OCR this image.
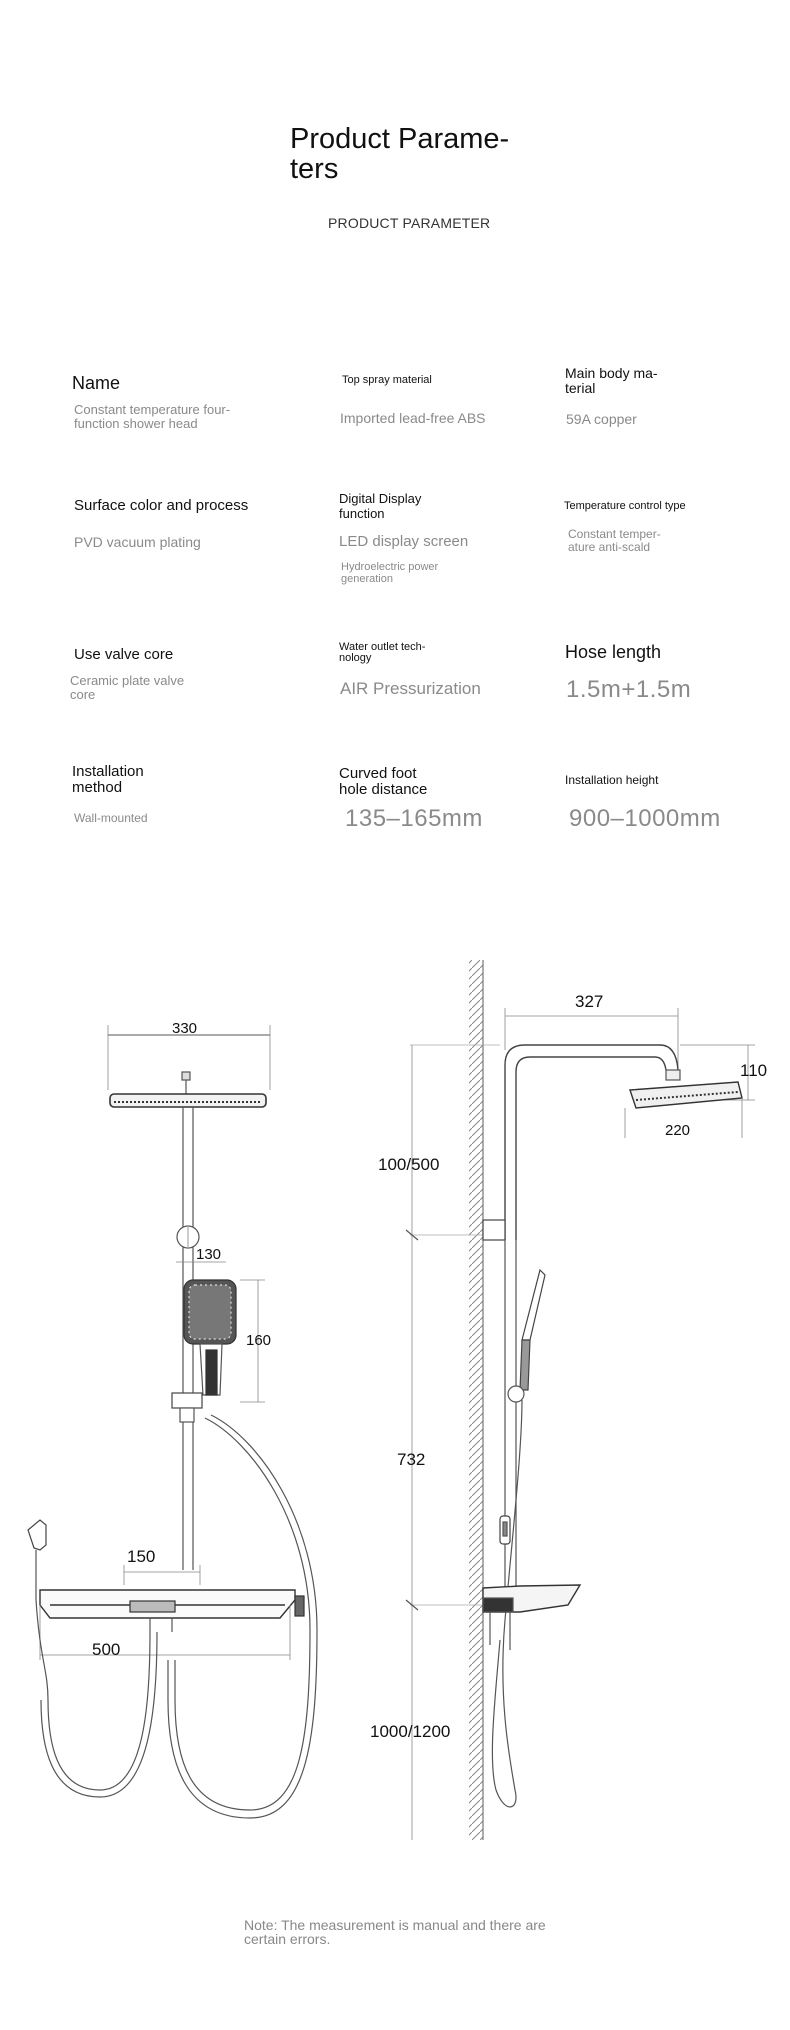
Product Parame-
ters
PRODUCT PARAMETER
Name
Constant temperature four-
function shower head
Top spray material
Imported lead-free ABS
Main body ma-
terial
59A copper
Surface color and process
PVD vacuum plating
Digital Display
function
LED display screen
Hydroelectric power
generation
Temperature control type
Constant temper-
ature anti-scald
Use valve core
Ceramic plate valve
core
Water outlet tech-
nology
AIR Pressurization
Hose length
1.5m+1.5m
Installation
method
Wall-mounted
Curved foot
hole distance
135–165mm
Installation height
900–1000mm
330
130
160
150
500
327
110
220
100/500
732
1000/1200
Note: The measurement is manual and there are
certain errors.
